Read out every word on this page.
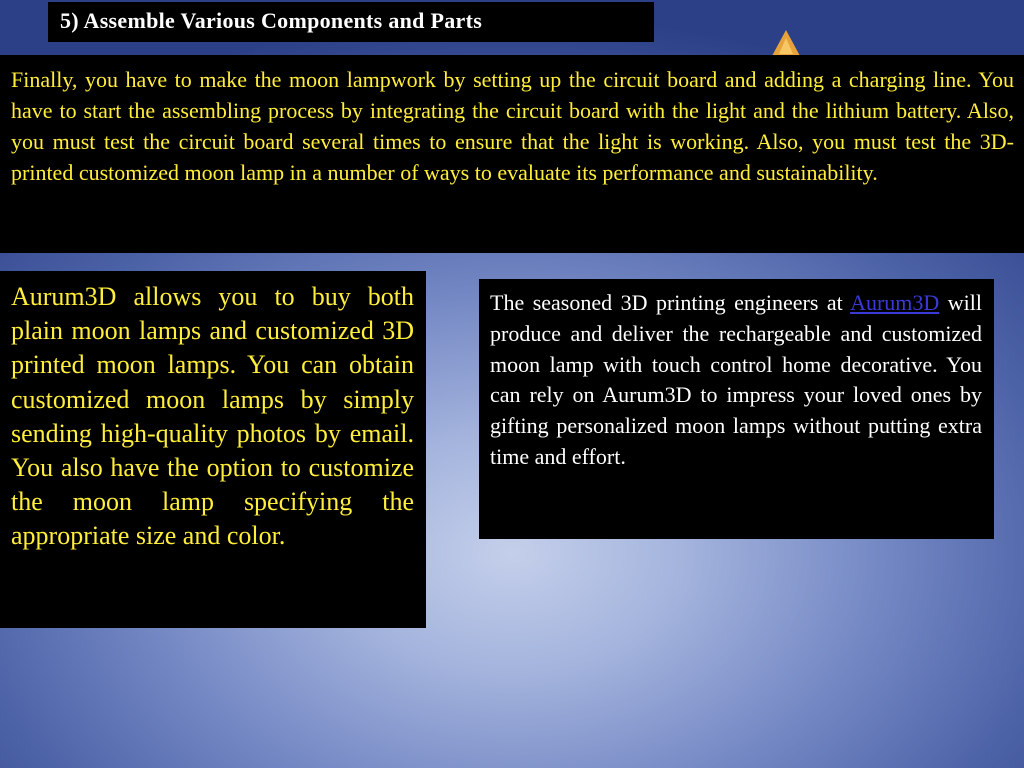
5) Assemble Various Components and Parts
Finally, you have to make the moon lampwork by setting up the circuit board and adding a charging line. You have to start the assembling process by integrating the circuit board with the light and the lithium battery. Also, you must test the circuit board several times to ensure that the light is working. Also, you must test the 3D-printed customized moon lamp in a number of ways to evaluate its performance and sustainability.
Aurum3D allows you to buy both plain moon lamps and customized 3D printed moon lamps. You can obtain customized moon lamps by simply sending high-quality photos by email. You also have the option to customize the moon lamp specifying the appropriate size and color.
The seasoned 3D printing engineers at Aurum3D will produce and deliver the rechargeable and customized moon lamp with touch control home decorative. You can rely on Aurum3D to impress your loved ones by gifting personalized moon lamps without putting extra time and effort.
